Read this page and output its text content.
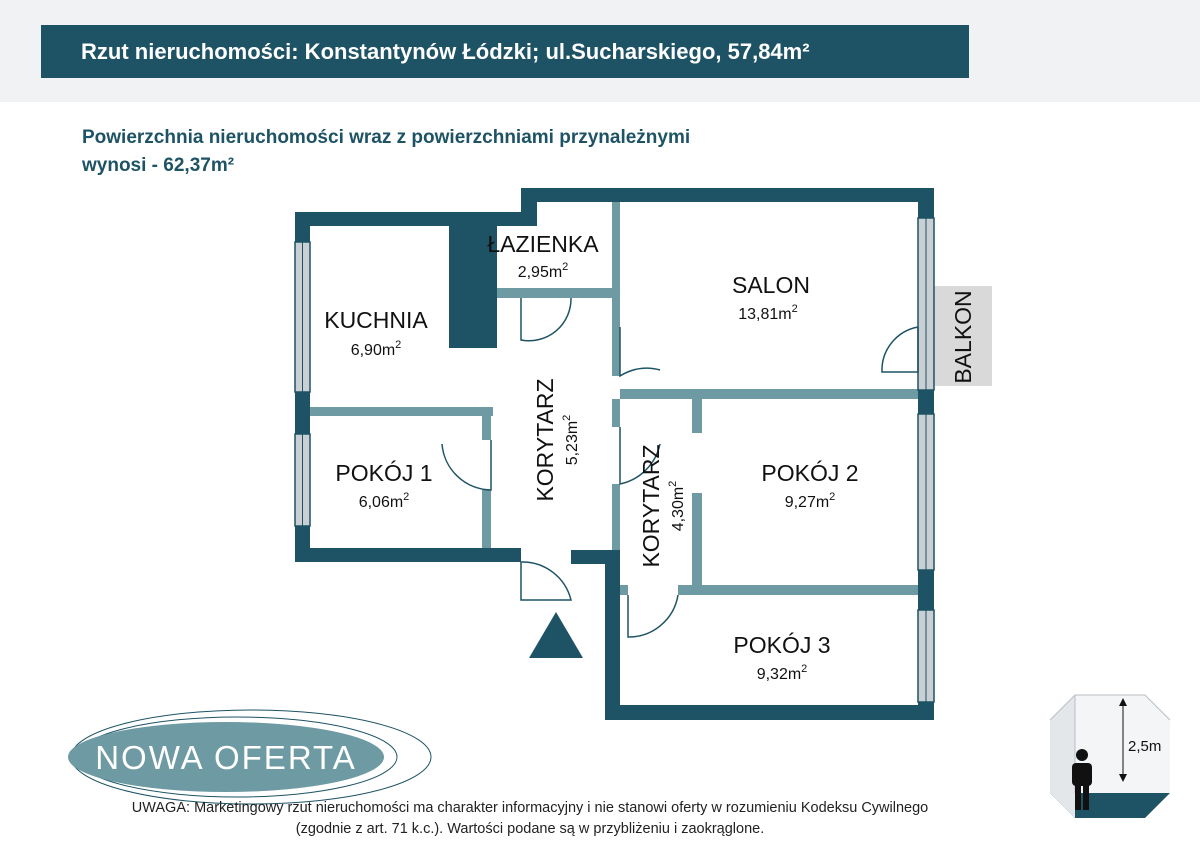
Rzut nieruchomości: Konstantynów Łódzki; ul.Sucharskiego, 57,84m²
Powierzchnia nieruchomości wraz z powierzchniami przynależnymi
wynosi - 62,37m²
KUCHNIA
$6,90m^2$
ŁAZIENKA
$2,95m^2$
SALON
$13,81m^2$
POKÓJ 1
$6,06m^2$	KORYTARZ $5,23m^2$
KORYTARZ $4,30m^2$	POKÓJ 2
$9,27m^2$
POKÓJ 3
$9,32m^2$
BALKON
NOWA OFERTA	2,5m
UWAGA: Marketingowy rzut nieruchomości ma charakter informacyjny i nie stanowi oferty w rozumieniu Kodeksu Cywilnego
(zgodnie z art. 71 k.c.). Wartości podane są w przybliżeniu i zaokrąglone.
